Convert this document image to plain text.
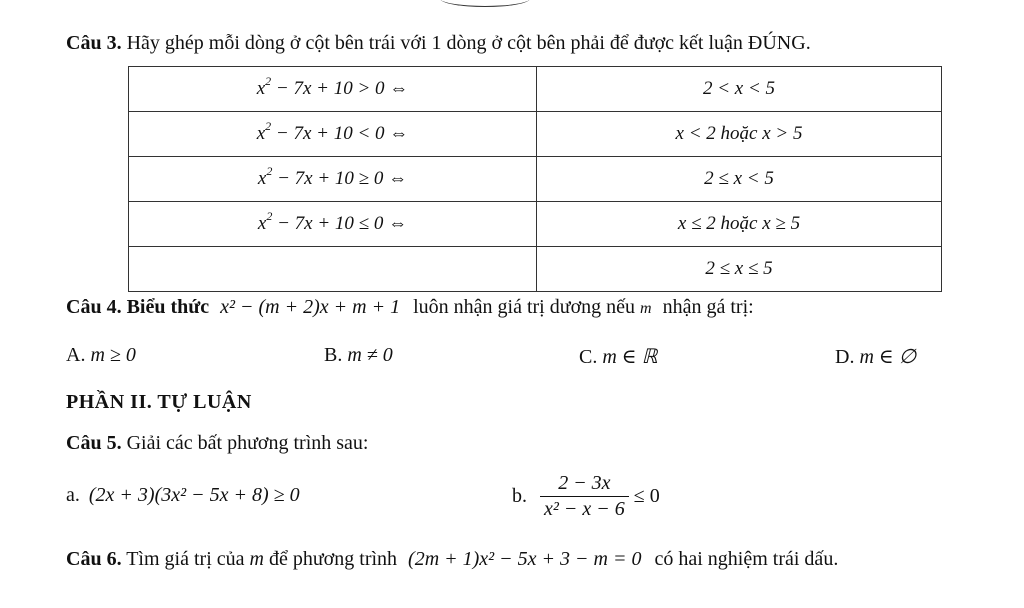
Câu 3. Hãy ghép mỗi dòng ở cột bên trái với 1 dòng ở cột bên phải để được kết luận ĐÚNG.
$x^2 - 7x + 10 > 0$ ⇔	2 < x < 5
$x^2 - 7x + 10 < 0$ ⇔	x < 2 hoặc x > 5
$x^2 - 7x + 10 \ge 0$ ⇔	2 ≤ x < 5
$x^2 - 7x + 10 \le 0$ ⇔	x ≤ 2 hoặc x ≥ 5
	2 ≤ x ≤ 5
Câu 4. Biểu thức x² − (m + 2)x + m + 1 luôn nhận giá trị dương nếu m nhận gá trị:
A. m ≥ 0	B. m ≠ 0	C. m ∈ ℝ	D. m ∈ ∅
PHẦN II. TỰ LUẬN
Câu 5. Giải các bất phương trình sau:
a. (2x + 3)(3x² − 5x + 8) ≥ 0	b. $\frac{2 - 3x}{\text{x² − x − 6}} \le 0$
Câu 6. Tìm giá trị của m để phương trình (2m + 1)x² − 5x + 3 − m = 0 có hai nghiệm trái dấu.
